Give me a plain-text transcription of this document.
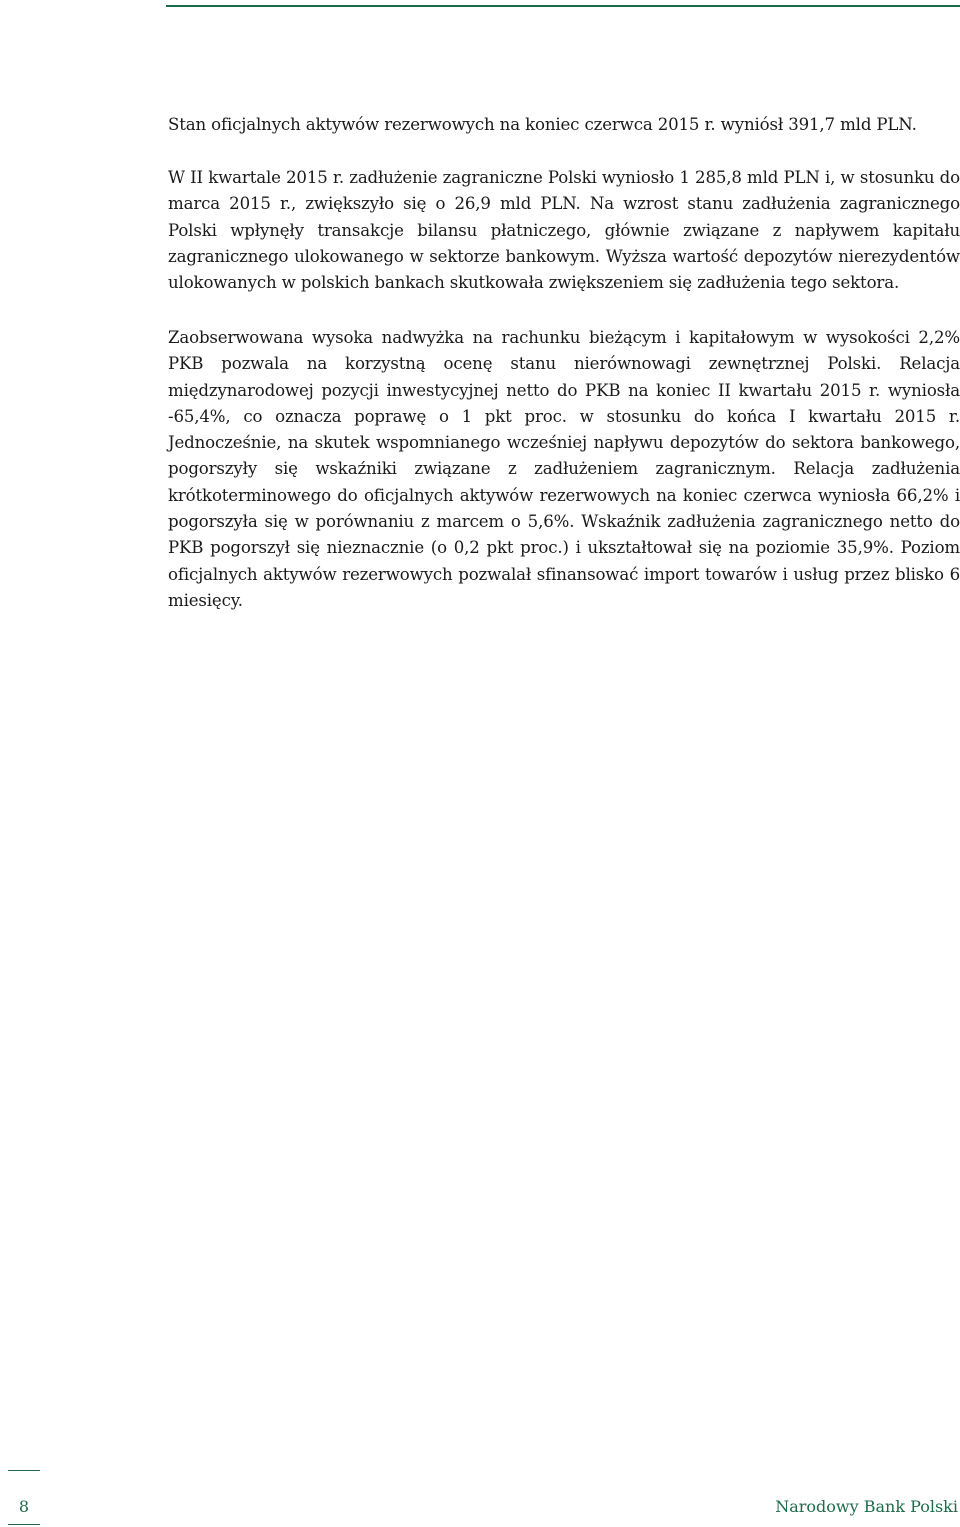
Stan oficjalnych aktywów rezerwowych na koniec czerwca 2015 r. wyniósł 391,7 mld PLN.

W II kwartale 2015 r. zadłużenie zagraniczne Polski wyniosło 1 285,8 mld PLN i, w stosunku do marca 2015 r., zwiększyło się o 26,9 mld PLN. Na wzrost stanu zadłużenia zagranicznego Polski wpłynęły transakcje bilansu płatniczego, głównie związane z napływem kapitału zagranicznego ulokowanego w sektorze bankowym. Wyższa wartość depozytów nierezydentów ulokowanych w polskich bankach skutkowała zwiększeniem się zadłużenia tego sektora.

Zaobserwowana wysoka nadwyżka na rachunku bieżącym i kapitałowym w wysokości 2,2% PKB pozwala na korzystną ocenę stanu nierównowagi zewnętrznej Polski. Relacja międzynarodowej pozycji inwestycyjnej netto do PKB na koniec II kwartału 2015 r. wyniosła -65,4%, co oznacza poprawę o 1 pkt proc. w stosunku do końca I kwartału 2015 r. Jednocześnie, na skutek wspomnianego wcześniej napływu depozytów do sektora bankowego, pogorszyły się wskaźniki związane z zadłużeniem zagranicznym. Relacja zadłużenia krótkoterminowego do oficjalnych aktywów rezerwowych na koniec czerwca wyniosła 66,2% i pogorszyła się w porównaniu z marcem o 5,6%. Wskaźnik zadłużenia zagranicznego netto do PKB pogorszył się nieznacznie (o 0,2 pkt proc.) i ukształtował się na poziomie 35,9%. Poziom oficjalnych aktywów rezerwowych pozwalał sfinansować import towarów i usług przez blisko 6 miesięcy.

8	Narodowy Bank Polski
